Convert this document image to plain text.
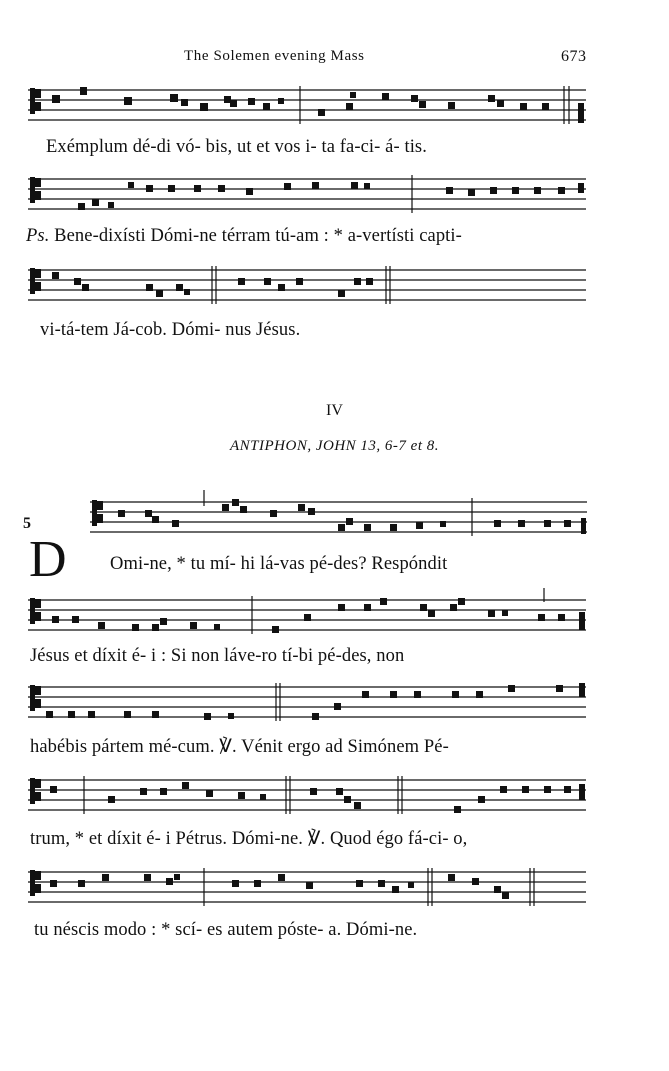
The Solemen evening Mass	673
Exémplum dé-di vó- bis, ut et vos i- ta fa-ci- á- tis.
Ps. Bene-dixísti Dómi-ne térram tú-am : * a-vertísti capti-
vi-tá-tem Já-cob. Dómi- nus Jésus.
IV
ANTIPHON, JOHN 13, 6-7 et 8.
5
D Omi-ne, * tu mí- hi lá-vas pé-des? Respóndit
Jésus et díxit é- i : Si non láve-ro tí-bi pé-des, non
habébis pártem mé-cum. ℣. Vénit ergo ad Simónem Pé-
trum, * et díxit é- i Pétrus. Dómi-ne. ℣. Quod égo fá-ci- o,
tu néscis modo : * scí- es autem póste- a. Dómi-ne.
